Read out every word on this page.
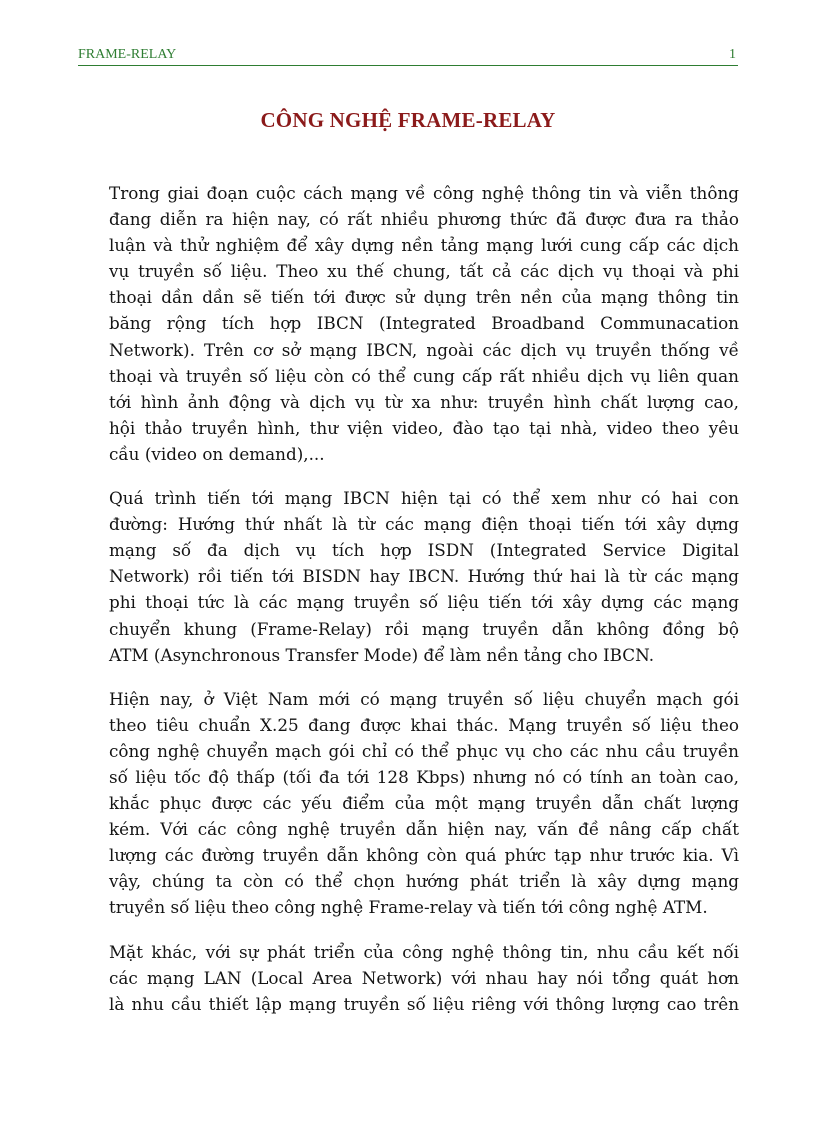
FRAME-RELAY	1
CÔNG NGHỆ FRAME-RELAY

Trong giai đoạn cuộc cách mạng về công nghệ thông tin và viễn thông
đang diễn ra hiện nay, có rất nhiều phương thức đã được đưa ra thảo
luận và thử nghiệm để xây dựng nền tảng mạng lưới cung cấp các dịch
vụ truyền số liệu. Theo xu thế chung, tất cả các dịch vụ thoại và phi
thoại dần dần sẽ tiến tới được sử dụng trên nền của mạng thông tin
băng rộng tích hợp IBCN (Integrated Broadband Communacation
Network). Trên cơ sở mạng IBCN, ngoài các dịch vụ truyền thống về
thoại và truyền số liệu còn có thể cung cấp rất nhiều dịch vụ liên quan
tới hình ảnh động và dịch vụ từ xa như: truyền hình chất lượng cao,
hội thảo truyền hình, thư viện video, đào tạo tại nhà, video theo yêu
cầu (video on demand),...

Quá trình tiến tới mạng IBCN hiện tại có thể xem như có hai con
đường: Hướng thứ nhất là từ các mạng điện thoại tiến tới xây dựng
mạng số đa dịch vụ tích hợp ISDN (Integrated Service Digital
Network) rồi tiến tới BISDN hay IBCN. Hướng thứ hai là từ các mạng
phi thoại tức là các mạng truyền số liệu tiến tới xây dựng các mạng
chuyển khung (Frame-Relay) rồi mạng truyền dẫn không đồng bộ
ATM (Asynchronous Transfer Mode) để làm nền tảng cho IBCN.

Hiện nay, ở Việt Nam mới có mạng truyền số liệu chuyển mạch gói
theo tiêu chuẩn X.25 đang được khai thác. Mạng truyền số liệu theo
công nghệ chuyển mạch gói chỉ có thể phục vụ cho các nhu cầu truyền
số liệu tốc độ thấp (tối đa tới 128 Kbps) nhưng nó có tính an toàn cao,
khắc phục được các yếu điểm của một mạng truyền dẫn chất lượng
kém. Với các công nghệ truyền dẫn hiện nay, vấn đề nâng cấp chất
lượng các đường truyền dẫn không còn quá phức tạp như trước kia. Vì
vậy, chúng ta còn có thể chọn hướng phát triển là xây dựng mạng
truyền số liệu theo công nghệ Frame-relay và tiến tới công nghệ ATM.

Mặt khác, với sự phát triển của công nghệ thông tin, nhu cầu kết nối
các mạng LAN (Local Area Network) với nhau hay nói tổng quát hơn
là nhu cầu thiết lập mạng truyền số liệu riêng với thông lượng cao trên
